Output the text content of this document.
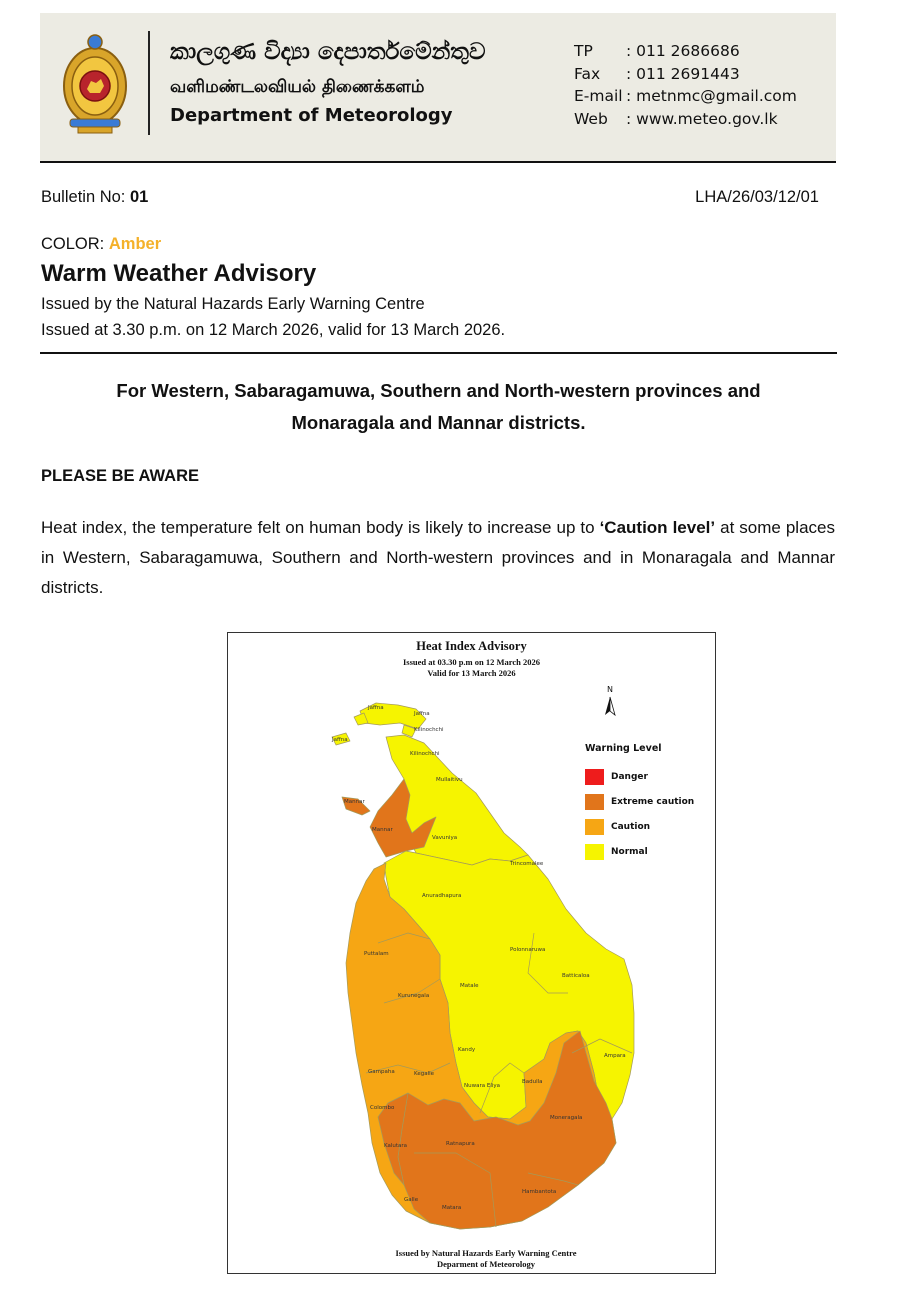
කාලගුණ විද්‍යා දෙපාර්තමේන්තුව
வளிமண்டலவியல் திணைக்களம்
Department of Meteorology
TP	: 011 2686686
Fax	: 011 2691443
E-mail : metnmc@gmail.com
Web	: www.meteo.gov.lk
Bulletin No: 01	LHA/26/03/12/01
COLOR: Amber
Warm Weather Advisory
Issued by the Natural Hazards Early Warning Centre
Issued at 3.30 p.m. on 12 March 2026, valid for 13 March 2026.
For Western, Sabaragamuwa, Southern and North-western provinces and
Monaragala and Mannar districts.
PLEASE BE AWARE
Heat index, the temperature felt on human body is likely to increase up to ‘Caution level’ at some places in Western, Sabaragamuwa, Southern and North-western provinces and in Monaragala and Mannar districts.
Jaffna
Jaffna
Jaffna
Kilinochchi
Kilinochchi
Mullaitivu
Mannar
Mannar
Vavuniya
Trincomalee
Anuradhapura
Polonnaruwa
Puttalam
Batticaloa
Kurunegala
Matale
Kandy
Ampara
Gampaha	Kegalle
Nuwara Eliya
Badulla
Colombo
Moneragala
Kalutara	Ratnapura
Hambantota
Galle
Matara
Heat Index Advisory
Issued at 03.30 p.m on 12 March 2026
Valid for 13 March 2026
N
Warning Level
Danger
Extreme caution
Caution
Normal
Issued by Natural Hazards Early Warning Centre
Deparment of Meteorology
